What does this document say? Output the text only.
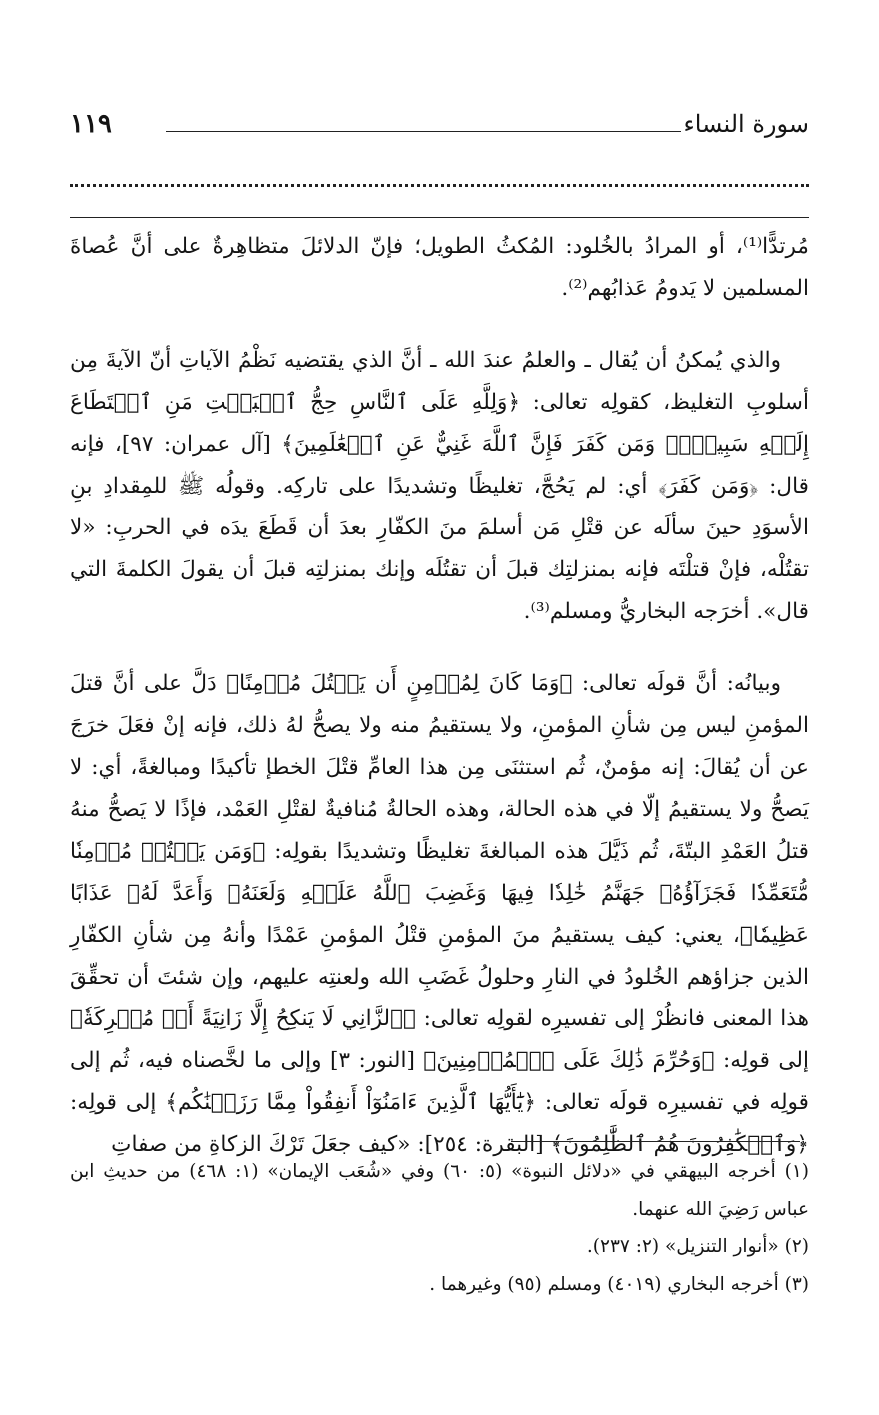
سورة النساء
١١٩

مُرتدًّا⁽¹⁾، أو المرادُ بالخُلود: المُكثُ الطويل؛ فإنّ الدلائلَ متظاهِرةٌ على أنَّ عُصاةَ المسلمين لا يَدومُ عَذابُهم⁽²⁾.

والذي يُمكنُ أن يُقال ـ والعلمُ عندَ الله ـ أنَّ الذي يقتضيه نَظْمُ الآياتِ أنّ الآيةَ مِن أسلوبِ التغليظ، كقولِه تعالى: ﴿وَلِلَّهِ عَلَى ٱلنَّاسِ حِجُّ ٱلۡبَيۡتِ مَنِ ٱسۡتَطَاعَ إِلَيۡهِ سَبِيلٗاۚ وَمَن كَفَرَ فَإِنَّ ٱللَّهَ غَنِيٌّ عَنِ ٱلۡعَٰلَمِينَ﴾ [آل عمران: ٩٧]، فإنه قال: ﴿وَمَن كَفَرَ﴾ أي: لم يَحُجَّ، تغليظًا وتشديدًا على تاركِه. وقولُه ﷺ للمِقدادِ بنِ الأسوَدِ حينَ سألَه عن قتْلِ مَن أسلمَ منَ الكفّارِ بعدَ أن قَطَعَ يدَه في الحربِ: «لا تقتُلْه، فإنْ قتلْتَه فإنه بمنزلتِك قبلَ أن تقتُلَه وإنك بمنزلتِه قبلَ أن يقولَ الكلمةَ التي قال». أخرَجه البخاريُّ ومسلم⁽³⁾.

وبيانُه: أنَّ قولَه تعالى: ﴿وَمَا كَانَ لِمُؤۡمِنٍ أَن يَقۡتُلَ مُؤۡمِنًا﴾ دَلَّ على أنَّ قتلَ المؤمنِ ليس مِن شأنِ المؤمنِ، ولا يستقيمُ منه ولا يصحُّ لهُ ذلك، فإنه إنْ فعَلَ خرَجَ عن أن يُقالَ: إنه مؤمنٌ، ثُم استثنَى مِن هذا العامِّ قتْلَ الخطإ تأكيدًا ومبالغةً، أي: لا يَصحُّ ولا يستقيمُ إلّا في هذه الحالة، وهذه الحالةُ مُنافيةٌ لقتْلِ العَمْد، فإذًا لا يَصحُّ منهُ قتلُ العَمْدِ البتّةَ، ثُم ذَيَّلَ هذه المبالغةَ تغليظًا وتشديدًا بقولِه: ﴿وَمَن يَقۡتُلۡ مُؤۡمِنٗا مُّتَعَمِّدٗا فَجَزَآؤُهُۥ جَهَنَّمُ خَٰلِدٗا فِيهَا وَغَضِبَ ٱللَّهُ عَلَيۡهِ وَلَعَنَهُۥ وَأَعَدَّ لَهُۥ عَذَابًا عَظِيمٗا﴾، يعني: كيف يستقيمُ منَ المؤمنِ قتْلُ المؤمنِ عَمْدًا وأنهُ مِن شأنِ الكفّارِ الذين جزاؤهم الخُلودُ في النارِ وحلولُ غَضَبِ الله ولعنتِه عليهم، وإن شئتَ أن تحقِّقَ هذا المعنى فانظُرْ إلى تفسيرِه لقولِه تعالى: ﴿ٱلزَّانِي لَا يَنكِحُ إِلَّا زَانِيَةً أَوۡ مُشۡرِكَةٗ﴾ إلى قولِه: ﴿وَحُرِّمَ ذَٰلِكَ عَلَى ٱلۡمُؤۡمِنِينَ﴾ [النور: ٣] وإلى ما لخَّصناه فيه، ثُم إلى قولِه في تفسيرِه قولَه تعالى: ﴿يَٰٓأَيُّهَا ٱلَّذِينَ ءَامَنُوٓاْ أَنفِقُواْ مِمَّا رَزَقۡنَٰكُم﴾ إلى قولِه: ﴿وَٱلۡكَٰفِرُونَ هُمُ ٱلظَّٰلِمُونَ﴾ [البقرة: ٢٥٤]: «كيف جعَلَ تَرْكَ الزكاةِ من صفاتِ

(١) أخرجه البيهقي في «دلائل النبوة» (٥: ٦٠) وفي «شُعَب الإيمان» (١: ٤٦٨) من حديثِ ابن عباس رَضِيَ الله عنهما.

(٢) «أنوار التنزيل» (٢: ٢٣٧).

(٣) أخرجه البخاري (٤٠١٩) ومسلم (٩٥) وغيرهما .
